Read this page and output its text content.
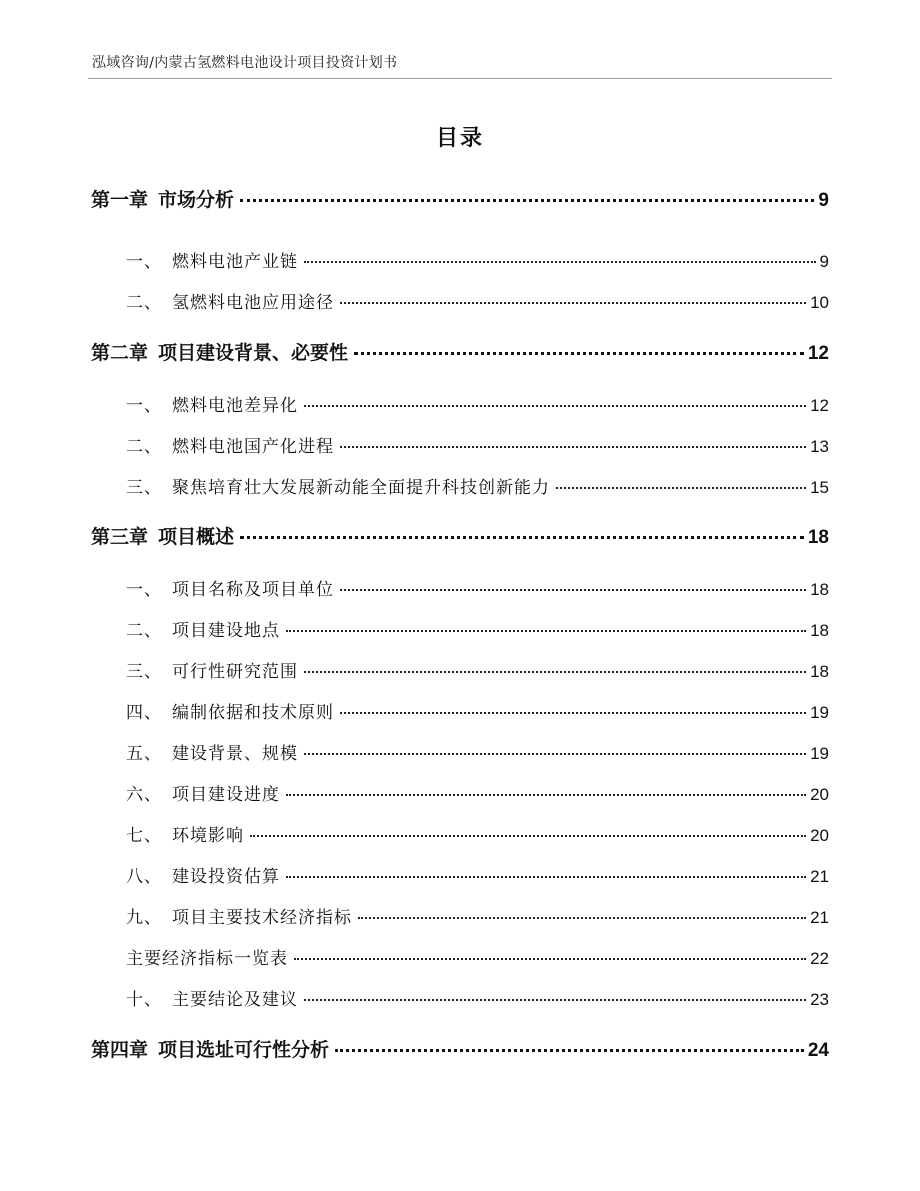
泓域咨询/内蒙古氢燃料电池设计项目投资计划书
目录
第一章 市场分析	9
一、 燃料电池产业链	9
二、 氢燃料电池应用途径	10
第二章 项目建设背景、必要性	12
一、 燃料电池差异化	12
二、 燃料电池国产化进程	13
三、 聚焦培育壮大发展新动能全面提升科技创新能力	15
第三章 项目概述	18
一、 项目名称及项目单位	18
二、 项目建设地点	18
三、 可行性研究范围	18
四、 编制依据和技术原则	19
五、 建设背景、规模	19
六、 项目建设进度	20
七、 环境影响	20
八、 建设投资估算	21
九、 项目主要技术经济指标	21
主要经济指标一览表	22
十、 主要结论及建议	23
第四章 项目选址可行性分析	24
